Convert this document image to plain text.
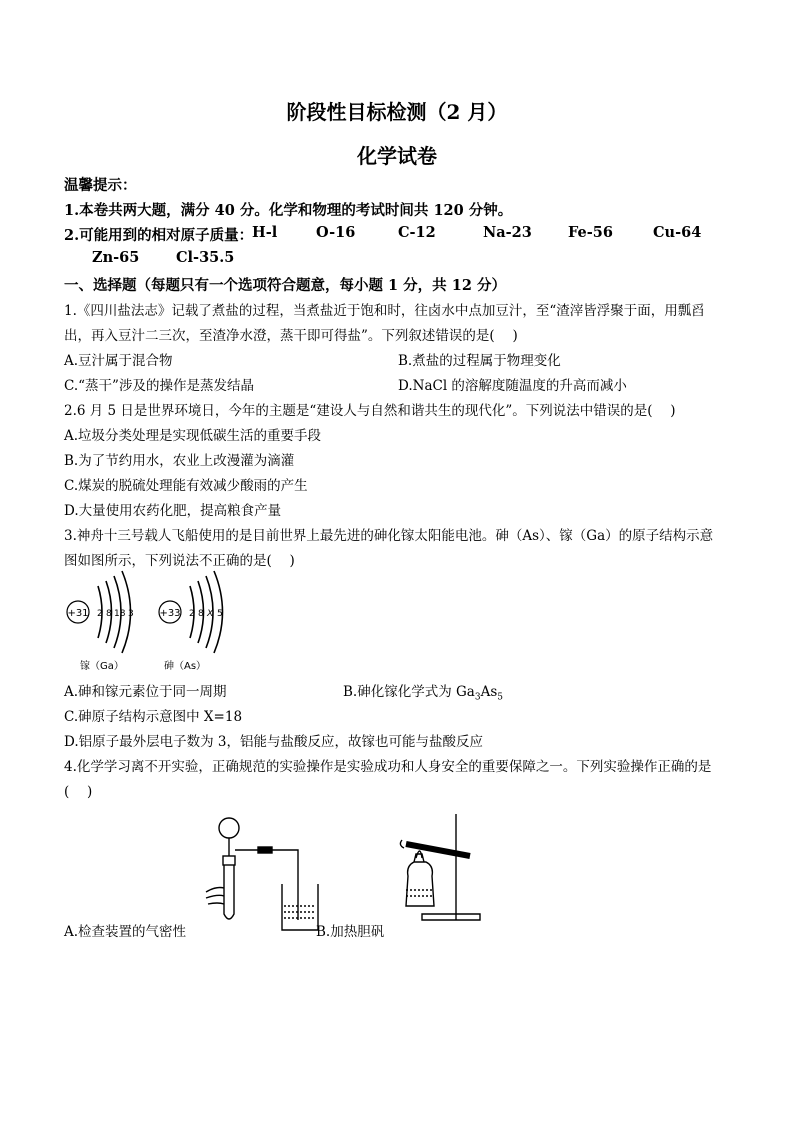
阶段性目标检测（2 月）
化学试卷
温馨提示：
1.本卷共两大题，满分 40 分。化学和物理的考试时间共 120 分钟。
2.可能用到的相对原子质量：
H-l	O-16	C-12	Na-23 Fe-56	Cu-64
Zn-65	Cl-35.5
一、选择题（每题只有一个选项符合题意，每小题 1 分，共 12 分）
1.《四川盐法志》记载了煮盐的过程，当煮盐近于饱和时，往卤水中点加豆汁，至“渣滓皆浮聚于面，用瓢舀
出，再入豆汁二三次，至渣净水澄，蒸干即可得盐”。下列叙述错误的是(　 )
A.豆汁属于混合物	B.煮盐的过程属于物理变化
C.“蒸干”涉及的操作是蒸发结晶	D.NaCl 的溶解度随温度的升高而减小
2.6 月 5 日是世界环境日，今年的主题是“建设人与自然和谐共生的现代化”。下列说法中错误的是(　 )
A.垃圾分类处理是实现低碳生活的重要手段
B.为了节约用水，农业上改漫灌为滴灌
C.煤炭的脱硫处理能有效减少酸雨的产生
D.大量使用农药化肥，提高粮食产量
3.神舟十三号载人飞船使用的是目前世界上最先进的砷化镓太阳能电池。砷（As）、镓（Ga）的原子结构示意
图如图所示，下列说法不正确的是(　 )
+31 2 8 18 3
镓（Ga）
+33 2 8 X 5
砷（As）
A.砷和镓元素位于同一周期	B.砷化镓化学式为 $Ga_3As_5$
C.砷原子结构示意图中 X=18
D.铝原子最外层电子数为 3，铝能与盐酸反应，故镓也可能与盐酸反应
4.化学学习离不开实验，正确规范的实验操作是实验成功和人身安全的重要保障之一。下列实验操作正确的是
(　 )
A.检查装置的气密性	B.加热胆矾
